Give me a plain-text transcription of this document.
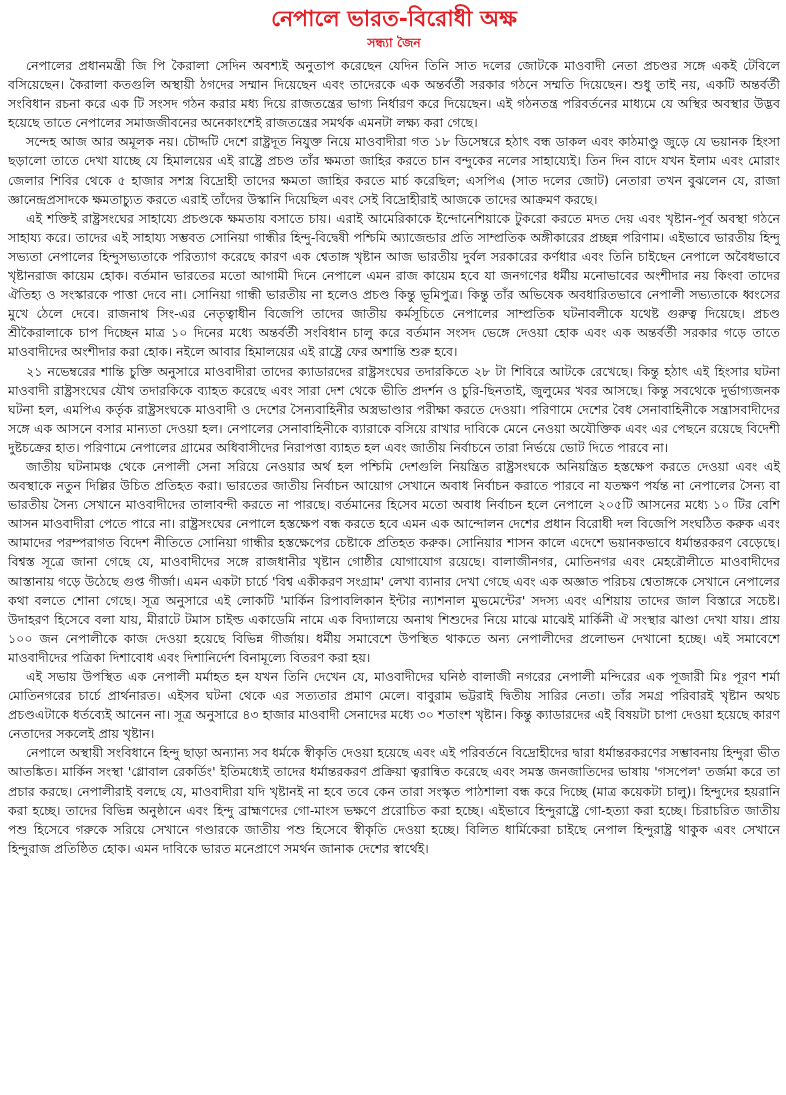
নেপালে ভারত-বিরোধী অক্ষ
সন্ধ্যা জৈন

নেপালের প্রধানমন্ত্রী জি পি কৈরালা সেদিন অবশ্যই অনুতাপ করেছেন যেদিন তিনি সাত দলের জোটকে মাওবাদী নেতা প্রচণ্ডর সঙ্গে একই টেবিলে বসিয়েছেন। কৈরালা কতগুলি অস্থায়ী ঠগদের সম্মান দিয়েছেন এবং তাদেরকে এক অন্তর্বর্তী সরকার গঠনে সম্মতি দিয়েছেন। শুধু তাই নয়, একটি অন্তর্বর্তী সংবিধান রচনা করে এক টি সংসদ গঠন করার মধ্য দিয়ে রাজতন্ত্রের ভাগ্য নির্ধারণ করে দিয়েছেন। এই গঠনতন্ত্র পরিবর্তনের মাধ্যমে যে অস্থির অবস্থার উদ্ভব হয়েছে তাতে নেপালের সমাজজীবনের অনেকাংশেই রাজতন্ত্রের সমর্থক এমনটা লক্ষ্য করা গেছে।

সন্দেহ আজ আর অমূলক নয়। চৌদ্দটি দেশে রাষ্ট্রদূত নিযুক্ত নিয়ে মাওবাদীরা গত ১৮ ডিসেম্বরে হঠাৎ বন্ধ ডাকল এবং কাঠমাণ্ডু জুড়ে যে ভয়ানক হিংসা ছড়ালো তাতে দেখা যাচ্ছে যে হিমালয়ের এই রাষ্ট্রে প্রচণ্ড তাঁর ক্ষমতা জাহির করতে চান বন্দুকের নলের সাহায্যেই। তিন দিন বাদে যখন ইলাম এবং মোরাং জেলার শিবির থেকে ৫ হাজার সশস্ত্র বিদ্রোহী তাদের ক্ষমতা জাহির করতে মার্চ করেছিল; এসপিএ (সাত দলের জোট) নেতারা তখন বুঝলেন যে, রাজা জ্ঞানেন্দ্রপ্রসাদকে ক্ষমতাচ্যুত করতে এরাই তাঁদের উস্কানি দিয়েছিল এবং সেই বিদ্রোহীরাই আজকে তাদের আক্রমণ করছে।

এই শক্তিই রাষ্ট্রসংঘের সাহায্যে প্রচণ্ডকে ক্ষমতায় বসাতে চায়। এরাই আমেরিকাকে ইন্দোনেশিয়াকে টুকরো করতে মদত দেয় এবং খৃষ্টান-পূর্ব অবস্থা গঠনে সাহায্য করে। তাদের এই সাহায্য সম্ভবত সোনিয়া গান্ধীর হিন্দু-বিদ্বেষী পশ্চিমি অ্যাজেন্ডার প্রতি সাম্প্রতিক অঙ্গীকারের প্রচ্ছন্ন পরিণাম। এইভাবে ভারতীয় হিন্দু সভ্যতা নেপালের হিন্দুসভ্যতাকে পরিত্যাগ করেছে কারণ এক শ্বেতাঙ্গ খৃষ্টান আজ ভারতীয় দুর্বল সরকারের কর্ণধার এবং তিনি চাইছেন নেপালে অবৈধভাবে খৃষ্টানরাজ কায়েম হোক। বর্তমান ভারতের মতো আগামী দিনে নেপালে এমন রাজ কায়েম হবে যা জনগণের ধর্মীয় মনোভাবের অংশীদার নয় কিংবা তাদের ঐতিহ্য ও সংস্কারকে পাত্তা দেবে না। সোনিয়া গান্ধী ভারতীয় না হলেও প্রচণ্ড কিন্তু ভূমিপুত্র। কিন্তু তাঁর অভিষেক অবধারিতভাবে নেপালী সভ্যতাকে ধ্বংসের মুখে ঠেলে দেবে। রাজনাথ সিং-এর নেতৃত্বাধীন বিজেপি তাদের জাতীয় কর্মসূচিতে নেপালের সাম্প্রতিক ঘটনাবলীকে যথেষ্ট গুরুত্ব দিয়েছে। প্রচণ্ড শ্রীকৈরালাকে চাপ দিচ্ছেন মাত্র ১০ দিনের মধ্যে অন্তর্বর্তী সংবিধান চালু করে বর্তমান সংসদ ভেঙ্গে দেওয়া হোক এবং এক অন্তর্বর্তী সরকার গড়ে তাতে মাওবাদীদের অংশীদার করা হোক। নইলে আবার হিমালয়ের এই রাষ্ট্রে ফের অশান্তি শুরু হবে।

২১ নভেম্বরের শান্তি চুক্তি অনুসারে মাওবাদীরা তাদের ক্যাডারদের রাষ্ট্রসংঘের তদারকিতে ২৮ টা শিবিরে আটকে রেখেছে। কিন্তু হঠাৎ এই হিংসার ঘটনা মাওবাদী রাষ্ট্রসংঘের যৌথ তদারকিকে ব্যাহত করেছে এবং সারা দেশ থেকে ভীতি প্রদর্শন ও চুরি-ছিনতাই, জুলুমের খবর আসছে। কিন্তু সবথেকে দুর্ভাগ্যজনক ঘটনা হল, এমপিএ কর্তৃক রাষ্ট্রসংঘকে মাওবাদী ও দেশের সৈন্যবাহিনীর অস্ত্রভাণ্ডার পরীক্ষা করতে দেওয়া। পরিণামে দেশের বৈধ সেনাবাহিনীকে সন্ত্রাসবাদীদের সঙ্গে এক আসনে বসার মান্যতা দেওয়া হল। নেপালের সেনাবাহিনীকে ব্যারাকে বসিয়ে রাখার দাবিকে মেনে নেওয়া অযৌক্তিক এবং এর পেছনে রয়েছে বিদেশী দুষ্টচক্রের হাত। পরিণামে নেপালের গ্রামের অধিবাসীদের নিরাপত্তা ব্যাহত হল এবং জাতীয় নির্বাচনে তারা নির্ভয়ে ভোট দিতে পারবে না।

জাতীয় ঘটনামঞ্চ থেকে নেপালী সেনা সরিয়ে নেওয়ার অর্থ হল পশ্চিমি দেশগুলি নিয়ন্ত্রিত রাষ্ট্রসংঘকে অনিয়ন্ত্রিত হস্তক্ষেপ করতে দেওয়া এবং এই অবস্থাকে নতুন দিল্লির উচিত প্রতিহত করা। ভারতের জাতীয় নির্বাচন আয়োগ সেখানে অবাধ নির্বাচন করাতে পারবে না যতক্ষণ পর্যন্ত না নেপালের সৈন্য বা ভারতীয় সৈন্য সেখানে মাওবাদীদের তালাবন্দী করতে না পারছে। বর্তমানের হিসেব মতো অবাধ নির্বাচন হলে নেপালে ২০৫টি আসনের মধ্যে ১০ টির বেশি আসন মাওবাদীরা পেতে পারে না। রাষ্ট্রসংঘের নেপালে হস্তক্ষেপ বন্ধ করতে হবে এমন এক আন্দোলন দেশের প্রধান বিরোধী দল বিজেপি সংঘঠিত করুক এবং আমাদের পরম্পরাগত বিদেশ নীতিতে সোনিয়া গান্ধীর হস্তক্ষেপের চেষ্টাকে প্রতিহত করুক। সোনিয়ার শাসন কালে এদেশে ভয়ানকভাবে ধর্মান্তরকরণ বেড়েছে। বিশ্বস্ত সূত্রে জানা গেছে যে, মাওবাদীদের সঙ্গে রাজধানীর খৃষ্টান গোষ্ঠীর যোগাযোগ রয়েছে। বালাজীনগর, মোতিনগর এবং মেহরৌলীতে মাওবাদীদের আস্তানায় গড়ে উঠেছে গুপ্ত গীর্জা। এমন একটা চার্চে 'বিশ্ব একীকরণ সংগ্রাম' লেখা ব্যানার দেখা গেছে এবং এক অজ্ঞাত পরিচয় শ্বেতাঙ্গকে সেখানে নেপালের কথা বলতে শোনা গেছে। সূত্র অনুসারে এই লোকটি 'মার্কিন রিপাবলিকান ইন্টার ন্যাশনাল মুভমেন্টের' সদস্য এবং এশিয়ায় তাদের জাল বিস্তারে সচেষ্ট। উদাহরণ হিসেবে বলা যায়, মীরাটে টমাস চাইল্ড একাডেমি নামে এক বিদ্যালয়ে অনাথ শিশুদের নিয়ে মাঝে মাঝেই মার্কিনী ঐ সংস্থার ঝাণ্ডা দেখা যায়। প্রায় ১০০ জন নেপালীকে কাজ দেওয়া হয়েছে বিভিন্ন গীর্জায়। ধর্মীয় সমাবেশে উপস্থিত থাকতে অন্য নেপালীদের প্রলোভন দেখানো হচ্ছে। এই সমাবেশে মাওবাদীদের পত্রিকা দিশাবোধ এবং দিশানির্দেশ বিনামূল্যে বিতরণ করা হয়।

এই সভায় উপস্থিত এক নেপালী মর্মাহত হন যখন তিনি দেখেন যে, মাওবাদীদের ঘনিষ্ঠ বালাজী নগরের নেপালী মন্দিরের এক পূজারী মিঃ পূরণ শর্মা মোতিনগরের চার্চে প্রার্থনারত। এইসব ঘটনা থেকে এর সত্যতার প্রমাণ মেলে। বাবুরাম ভট্টরাই দ্বিতীয় সারির নেতা। তাঁর সমগ্র পরিবারই খৃষ্টান অথচ প্রচণ্ডএটাকে ধর্তব্যেই আনেন না। সূত্র অনুসারে ৪৩ হাজার মাওবাদী সেনাদের মধ্যে ৩০ শতাংশ খৃষ্টান। কিন্তু ক্যাডারদের এই বিষয়টা চাপা দেওয়া হয়েছে কারণ নেতাদের সকলেই প্রায় খৃষ্টান।

নেপালে অস্থায়ী সংবিধানে হিন্দু ছাড়া অন্যান্য সব ধর্মকে স্বীকৃতি দেওয়া হয়েছে এবং এই পরিবর্তনে বিদ্রোহীদের দ্বারা ধর্মান্তরকরণের সম্ভাবনায় হিন্দুরা ভীত আতঙ্কিত। মার্কিন সংস্থা 'গ্লোবাল রেকর্ডিং' ইতিমধ্যেই তাদের ধর্মান্তরকরণ প্রক্রিয়া ত্বরান্বিত করেছে এবং সমস্ত জনজাতিদের ভাষায় 'গসপেল' তর্জমা করে তা প্রচার করছে। নেপালীরাই বলছে যে, মাওবাদীরা যদি খৃষ্টানই না হবে তবে কেন তারা সংস্কৃত পাঠশালা বন্ধ করে দিচ্ছে (মাত্র কয়েকটা চালু)। হিন্দুদের হয়রানি করা হচ্ছে। তাদের বিভিন্ন অনুষ্ঠানে এবং হিন্দু ব্রাহ্মণদের গো-মাংস ভক্ষণে প্ররোচিত করা হচ্ছে। এইভাবে হিন্দুরাষ্ট্রে গো-হত্যা করা হচ্ছে। চিরাচরিত জাতীয় পশু হিসেবে গরুকে সরিয়ে সেখানে গণ্ডারকে জাতীয় পশু হিসেবে স্বীকৃতি দেওয়া হচ্ছে। বিলিত ধার্মিকেরা চাইছে নেপাল হিন্দুরাষ্ট্র থাকুক এবং সেখানে হিন্দুরাজ প্রতিষ্ঠিত হোক। এমন দাবিকে ভারত মনেপ্রাণে সমর্থন জানাক দেশের স্বার্থেই।
